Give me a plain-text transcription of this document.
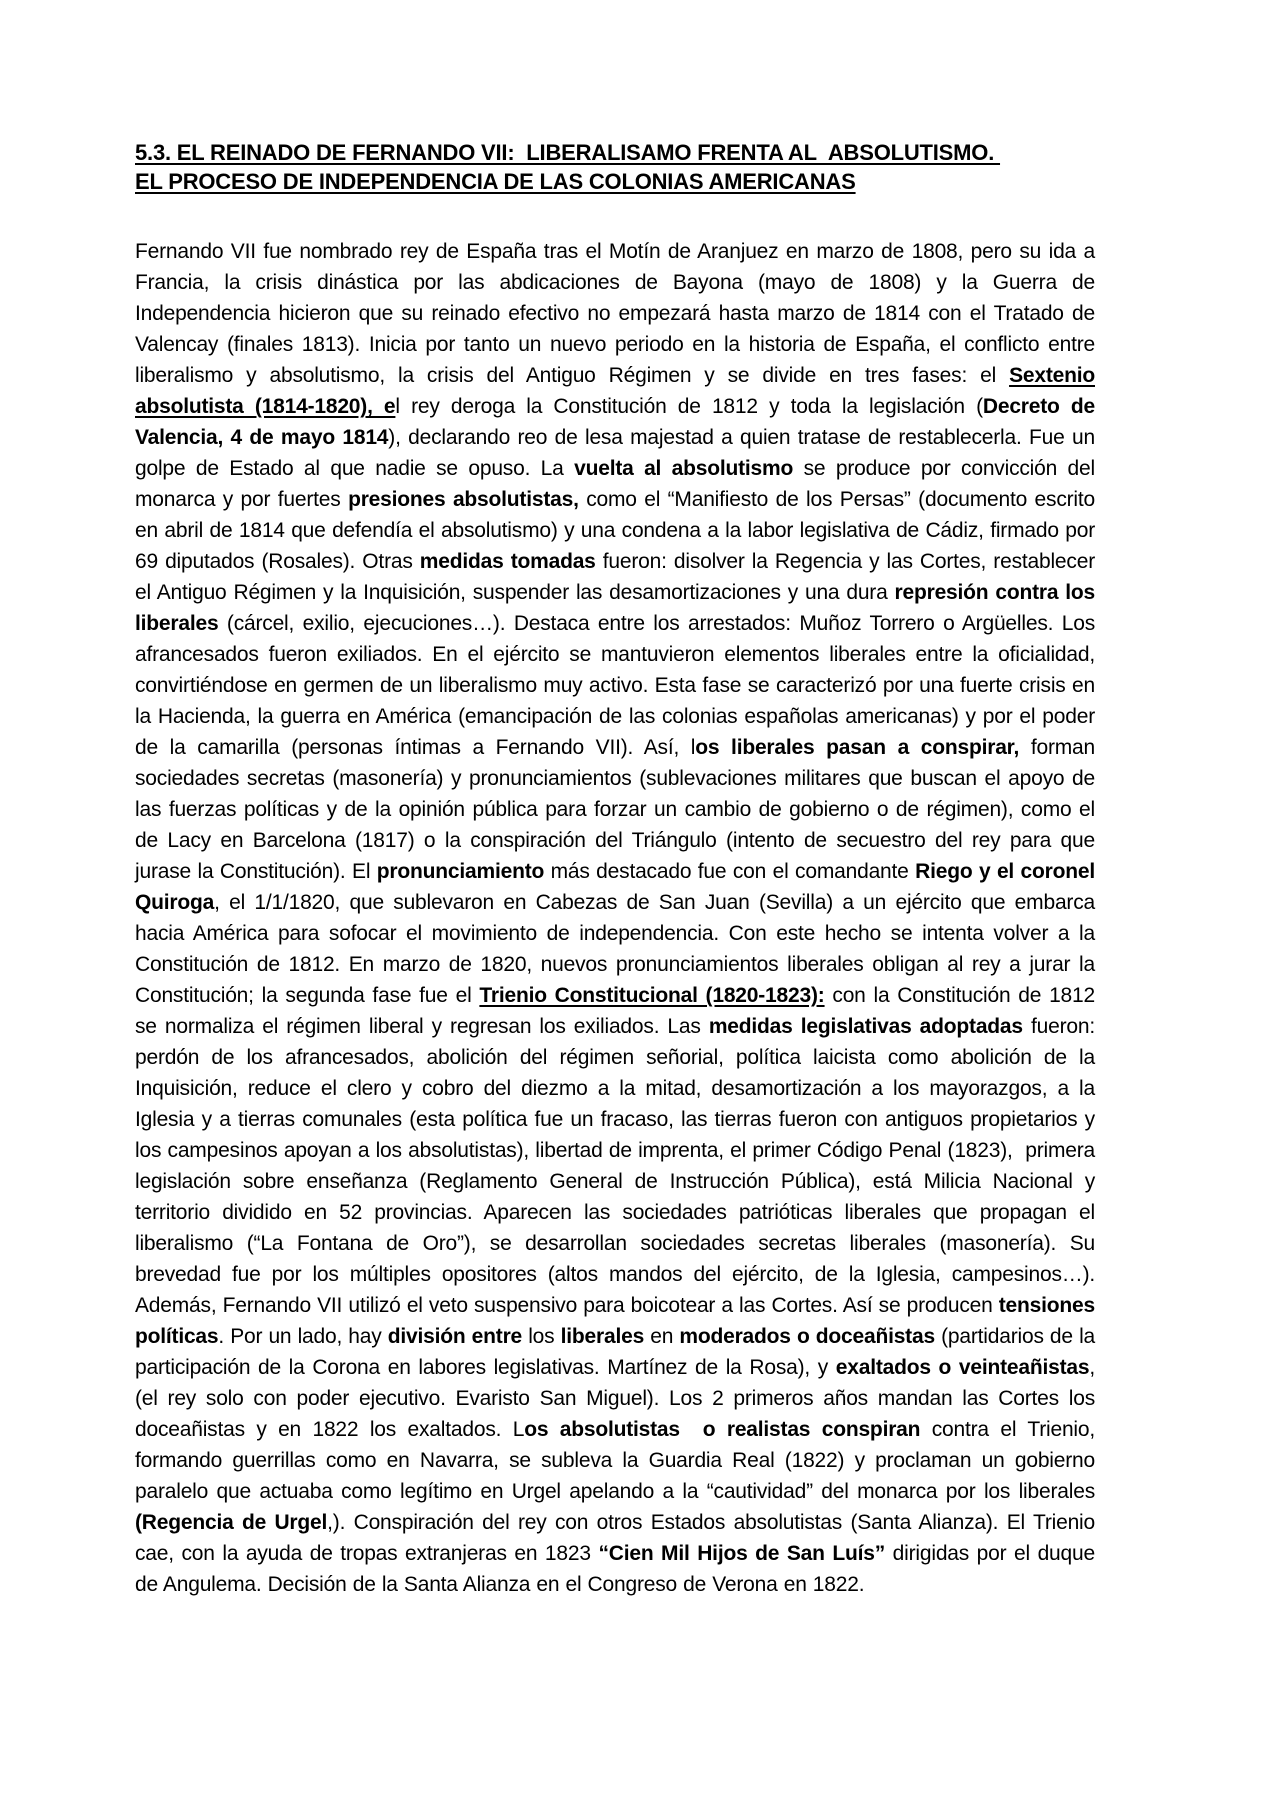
5.3. EL REINADO DE FERNANDO VII:  LIBERALISAMO FRENTA AL  ABSOLUTISMO.
EL PROCESO DE INDEPENDENCIA DE LAS COLONIAS AMERICANAS

Fernando VII fue nombrado rey de España tras el Motín de Aranjuez en marzo de 1808, pero su ida a Francia, la crisis dinástica por las abdicaciones de Bayona (mayo de 1808) y la Guerra de Independencia hicieron que su reinado efectivo no empezará hasta marzo de 1814 con el Tratado de Valencay (finales 1813). Inicia por tanto un nuevo periodo en la historia de España, el conflicto entre liberalismo y absolutismo, la crisis del Antiguo Régimen y se divide en tres fases: el Sextenio absolutista (1814-1820), el rey deroga la Constitución de 1812 y toda la legislación (Decreto de Valencia, 4 de mayo 1814), declarando reo de lesa majestad a quien tratase de restablecerla. Fue un golpe de Estado al que nadie se opuso. La vuelta al absolutismo se produce por convicción del monarca y por fuertes presiones absolutistas, como el “Manifiesto de los Persas” (documento escrito en abril de 1814 que defendía el absolutismo) y una condena a la labor legislativa de Cádiz, firmado por 69 diputados (Rosales). Otras medidas tomadas fueron: disolver la Regencia y las Cortes, restablecer el Antiguo Régimen y la Inquisición, suspender las desamortizaciones y una dura represión contra los liberales (cárcel, exilio, ejecuciones…). Destaca entre los arrestados: Muñoz Torrero o Argüelles. Los afrancesados fueron exiliados. En el ejército se mantuvieron elementos liberales entre la oficialidad, convirtiéndose en germen de un liberalismo muy activo. Esta fase se caracterizó por una fuerte crisis en la Hacienda, la guerra en América (emancipación de las colonias españolas americanas) y por el poder de la camarilla (personas íntimas a Fernando VII). Así, los liberales pasan a conspirar, forman sociedades secretas (masonería) y pronunciamientos (sublevaciones militares que buscan el apoyo de las fuerzas políticas y de la opinión pública para forzar un cambio de gobierno o de régimen), como el de Lacy en Barcelona (1817) o la conspiración del Triángulo (intento de secuestro del rey para que jurase la Constitución). El pronunciamiento más destacado fue con el comandante Riego y el coronel Quiroga, el 1/1/1820, que sublevaron en Cabezas de San Juan (Sevilla) a un ejército que embarca hacia América para sofocar el movimiento de independencia. Con este hecho se intenta volver a la Constitución de 1812. En marzo de 1820, nuevos pronunciamientos liberales obligan al rey a jurar la Constitución; la segunda fase fue el Trienio Constitucional (1820-1823): con la Constitución de 1812 se normaliza el régimen liberal y regresan los exiliados. Las medidas legislativas adoptadas fueron: perdón de los afrancesados, abolición del régimen señorial, política laicista como abolición de la Inquisición, reduce el clero y cobro del diezmo a la mitad, desamortización a los mayorazgos, a la Iglesia y a tierras comunales (esta política fue un fracaso, las tierras fueron con antiguos propietarios y los campesinos apoyan a los absolutistas), libertad de imprenta, el primer Código Penal (1823),  primera legislación sobre enseñanza (Reglamento General de Instrucción Pública), está Milicia Nacional y territorio dividido en 52 provincias. Aparecen las sociedades patrióticas liberales que propagan el liberalismo (“La Fontana de Oro”), se desarrollan sociedades secretas liberales (masonería). Su brevedad fue por los múltiples opositores (altos mandos del ejército, de la Iglesia, campesinos…). Además, Fernando VII utilizó el veto suspensivo para boicotear a las Cortes. Así se producen tensiones políticas. Por un lado, hay división entre los liberales en moderados o doceañistas (partidarios de la participación de la Corona en labores legislativas. Martínez de la Rosa), y exaltados o veinteañistas, (el rey solo con poder ejecutivo. Evaristo San Miguel). Los 2 primeros años mandan las Cortes los doceañistas y en 1822 los exaltados. Los absolutistas  o realistas conspiran contra el Trienio, formando guerrillas como en Navarra, se subleva la Guardia Real (1822) y proclaman un gobierno paralelo que actuaba como legítimo en Urgel apelando a la “cautividad” del monarca por los liberales (Regencia de Urgel,). Conspiración del rey con otros Estados absolutistas (Santa Alianza). El Trienio cae, con la ayuda de tropas extranjeras en 1823 “Cien Mil Hijos de San Luís” dirigidas por el duque de Angulema. Decisión de la Santa Alianza en el Congreso de Verona en 1822.
